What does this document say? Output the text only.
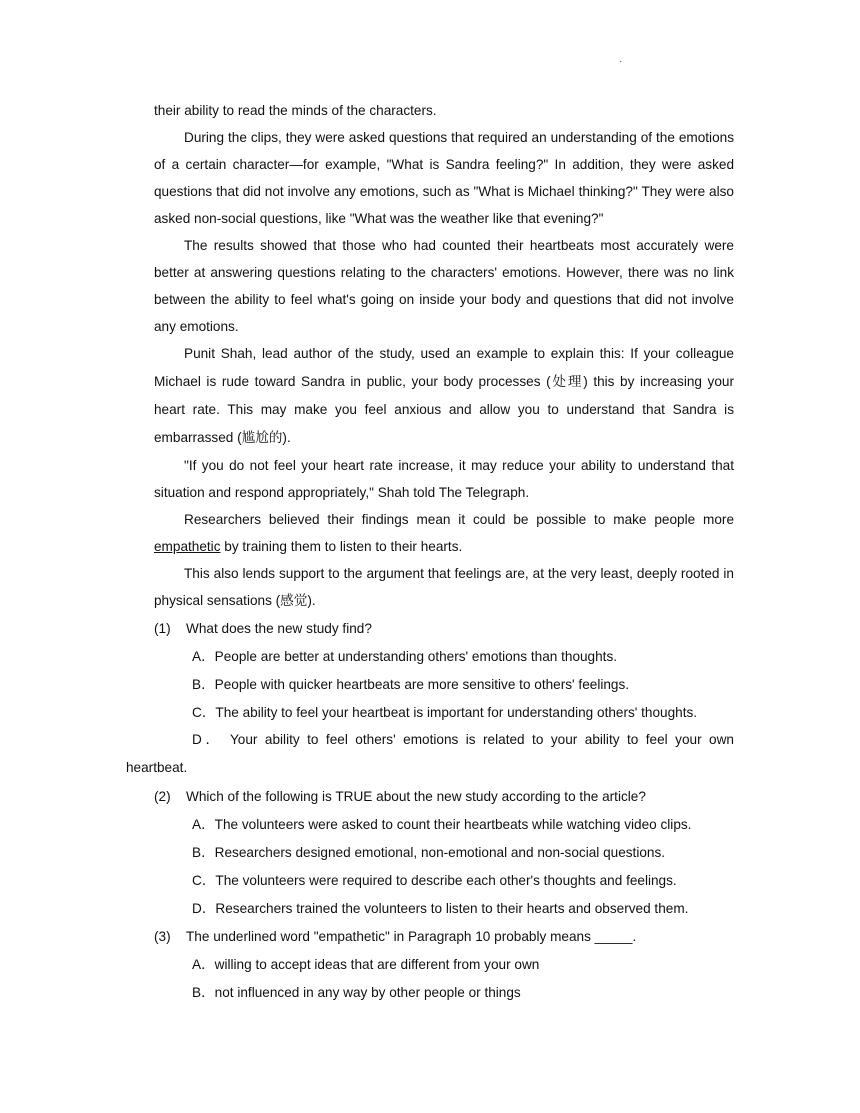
·

their ability to read the minds of the characters.

During the clips, they were asked questions that required an understanding of the emotions of a certain character—for example, "What is Sandra feeling?" In addition, they were asked questions that did not involve any emotions, such as "What is Michael thinking?" They were also asked non-social questions, like "What was the weather like that evening?"

The results showed that those who had counted their heartbeats most accurately were better at answering questions relating to the characters' emotions. However, there was no link between the ability to feel what's going on inside your body and questions that did not involve any emotions.

Punit Shah, lead author of the study, used an example to explain this: If your colleague Michael is rude toward Sandra in public, your body processes (处理) this by increasing your heart rate. This may make you feel anxious and allow you to understand that Sandra is embarrassed (尴尬的).

"If you do not feel your heart rate increase, it may reduce your ability to understand that situation and respond appropriately," Shah told The Telegraph.

Researchers believed their findings mean it could be possible to make people more empathetic by training them to listen to their hearts.

This also lends support to the argument that feelings are, at the very least, deeply rooted in physical sensations (感觉).

(1) What does the new study find?
A．People are better at understanding others' emotions than thoughts.
B．People with quicker heartbeats are more sensitive to others' feelings.
C．The ability to feel your heartbeat is important for understanding others' thoughts.
D． Your ability to feel others' emotions is related to your ability to feel your own heartbeat.
(2) Which of the following is TRUE about the new study according to the article?
A．The volunteers were asked to count their heartbeats while watching video clips.
B．Researchers designed emotional, non-emotional and non-social questions.
C．The volunteers were required to describe each other's thoughts and feelings.
D．Researchers trained the volunteers to listen to their hearts and observed them.
(3) The underlined word "empathetic" in Paragraph 10 probably means _____.
A．willing to accept ideas that are different from your own
B．not influenced in any way by other people or things
